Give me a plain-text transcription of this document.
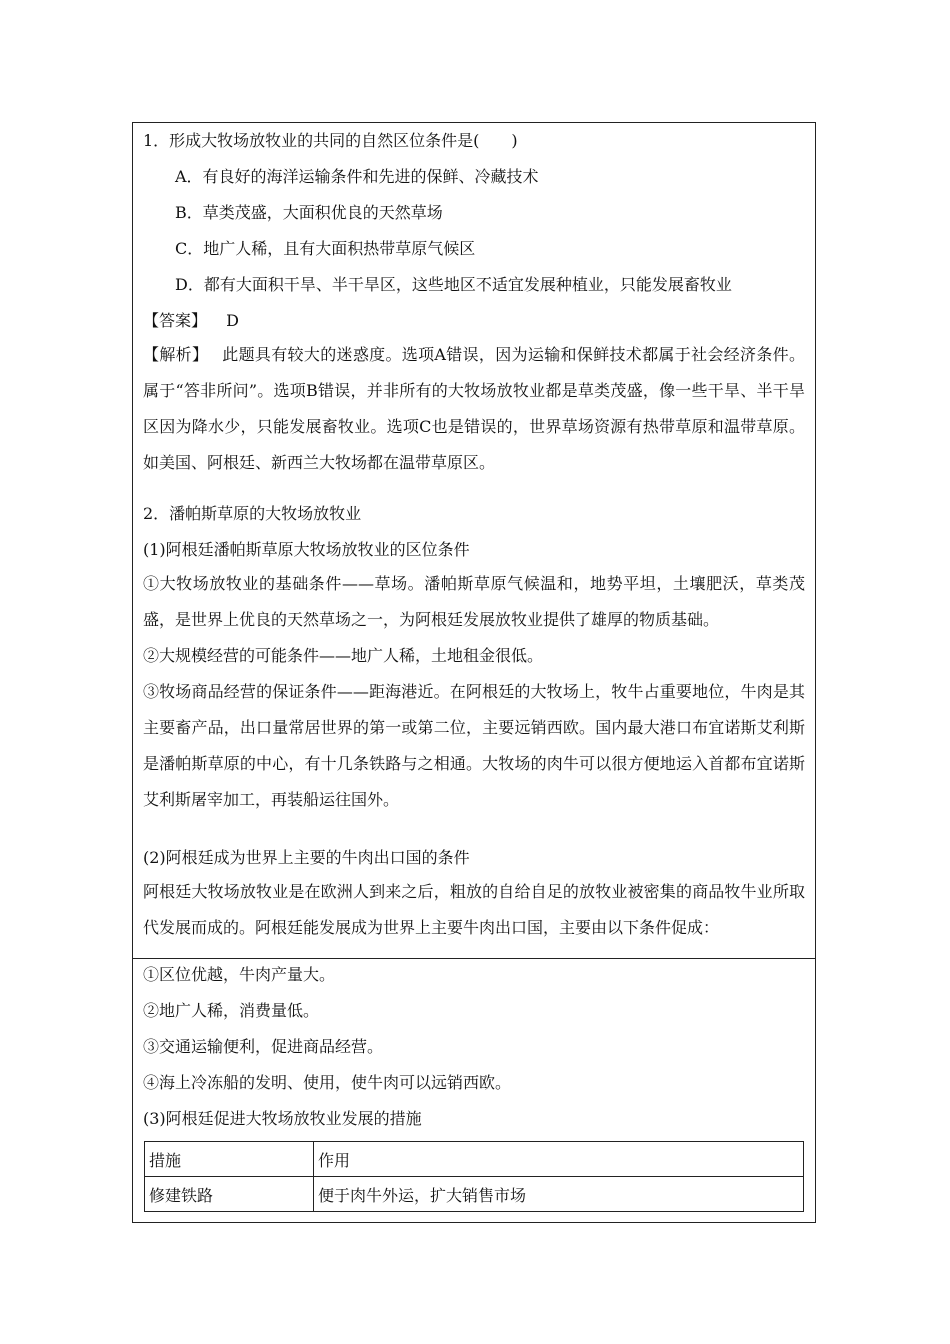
1．形成大牧场放牧业的共同的自然区位条件是(　　)
A．有良好的海洋运输条件和先进的保鲜、冷藏技术
B．草类茂盛，大面积优良的天然草场
C．地广人稀，且有大面积热带草原气候区
D．都有大面积干旱、半干旱区，这些地区不适宜发展种植业，只能发展畜牧业
【答案】 D
【解析】 此题具有较大的迷惑度。选项A错误，因为运输和保鲜技术都属于社会经济条件。属于“答非所问”。选项B错误，并非所有的大牧场放牧业都是草类茂盛，像一些干旱、半干旱区因为降水少，只能发展畜牧业。选项C也是错误的，世界草场资源有热带草原和温带草原。如美国、阿根廷、新西兰大牧场都在温带草原区。
2．潘帕斯草原的大牧场放牧业
(1)阿根廷潘帕斯草原大牧场放牧业的区位条件
①大牧场放牧业的基础条件——草场。潘帕斯草原气候温和，地势平坦，土壤肥沃，草类茂盛，是世界上优良的天然草场之一，为阿根廷发展放牧业提供了雄厚的物质基础。
②大规模经营的可能条件——地广人稀，土地租金很低。
③牧场商品经营的保证条件——距海港近。在阿根廷的大牧场上，牧牛占重要地位，牛肉是其主要畜产品，出口量常居世界的第一或第二位，主要远销西欧。国内最大港口布宜诺斯艾利斯是潘帕斯草原的中心，有十几条铁路与之相通。大牧场的肉牛可以很方便地运入首都布宜诺斯艾利斯屠宰加工，再装船运往国外。
(2)阿根廷成为世界上主要的牛肉出口国的条件
阿根廷大牧场放牧业是在欧洲人到来之后，粗放的自给自足的放牧业被密集的商品牧牛业所取代发展而成的。阿根廷能发展成为世界上主要牛肉出口国，主要由以下条件促成：
①区位优越，牛肉产量大。
②地广人稀，消费量低。
③交通运输便利，促进商品经营。
④海上冷冻船的发明、使用，使牛肉可以远销西欧。
(3)阿根廷促进大牧场放牧业发展的措施
措施	作用
修建铁路	便于肉牛外运，扩大销售市场
